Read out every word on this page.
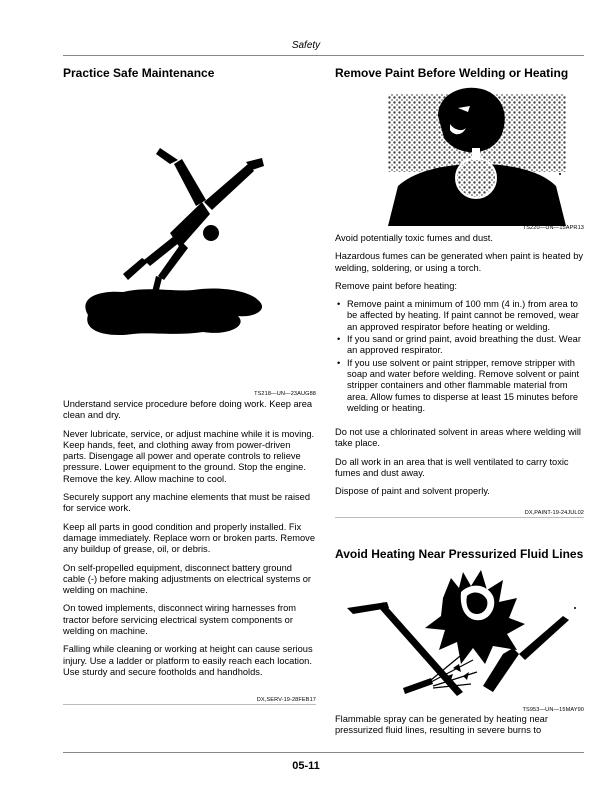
Safety
Practice Safe Maintenance
TS218—UN—23AUG88

Understand service procedure before doing work. Keep area clean and dry.

Never lubricate, service, or adjust machine while it is moving. Keep hands, feet, and clothing away from power-driven parts. Disengage all power and operate controls to relieve pressure. Lower equipment to the ground. Stop the engine. Remove the key. Allow machine to cool.

Securely support any machine elements that must be raised for service work.

Keep all parts in good condition and properly installed. Fix damage immediately. Replace worn or broken parts. Remove any buildup of grease, oil, or debris.

On self-propelled equipment, disconnect battery ground cable (-) before making adjustments on electrical systems or welding on machine.

On towed implements, disconnect wiring harnesses from tractor before servicing electrical system components or welding on machine.

Falling while cleaning or working at height can cause serious injury. Use a ladder or platform to easily reach each location. Use sturdy and secure footholds and handholds.

DX,SERV-19-28FEB17
Remove Paint Before Welding or Heating
TS220—UN—15APR13

Avoid potentially toxic fumes and dust.

Hazardous fumes can be generated when paint is heated by welding, soldering, or using a torch.

Remove paint before heating:

• Remove paint a minimum of 100 mm (4 in.) from area to be affected by heating. If paint cannot be removed, wear an approved respirator before heating or welding.
• If you sand or grind paint, avoid breathing the dust. Wear an approved respirator.
• If you use solvent or paint stripper, remove stripper with soap and water before welding. Remove solvent or paint stripper containers and other flammable material from area. Allow fumes to disperse at least 15 minutes before welding or heating.

Do not use a chlorinated solvent in areas where welding will take place.

Do all work in an area that is well ventilated to carry toxic fumes and dust away.

Dispose of paint and solvent properly.

DX,PAINT-19-24JUL02
Avoid Heating Near Pressurized Fluid Lines
TS953—UN—15MAY90

Flammable spray can be generated by heating near pressurized fluid lines, resulting in severe burns to

05-11
